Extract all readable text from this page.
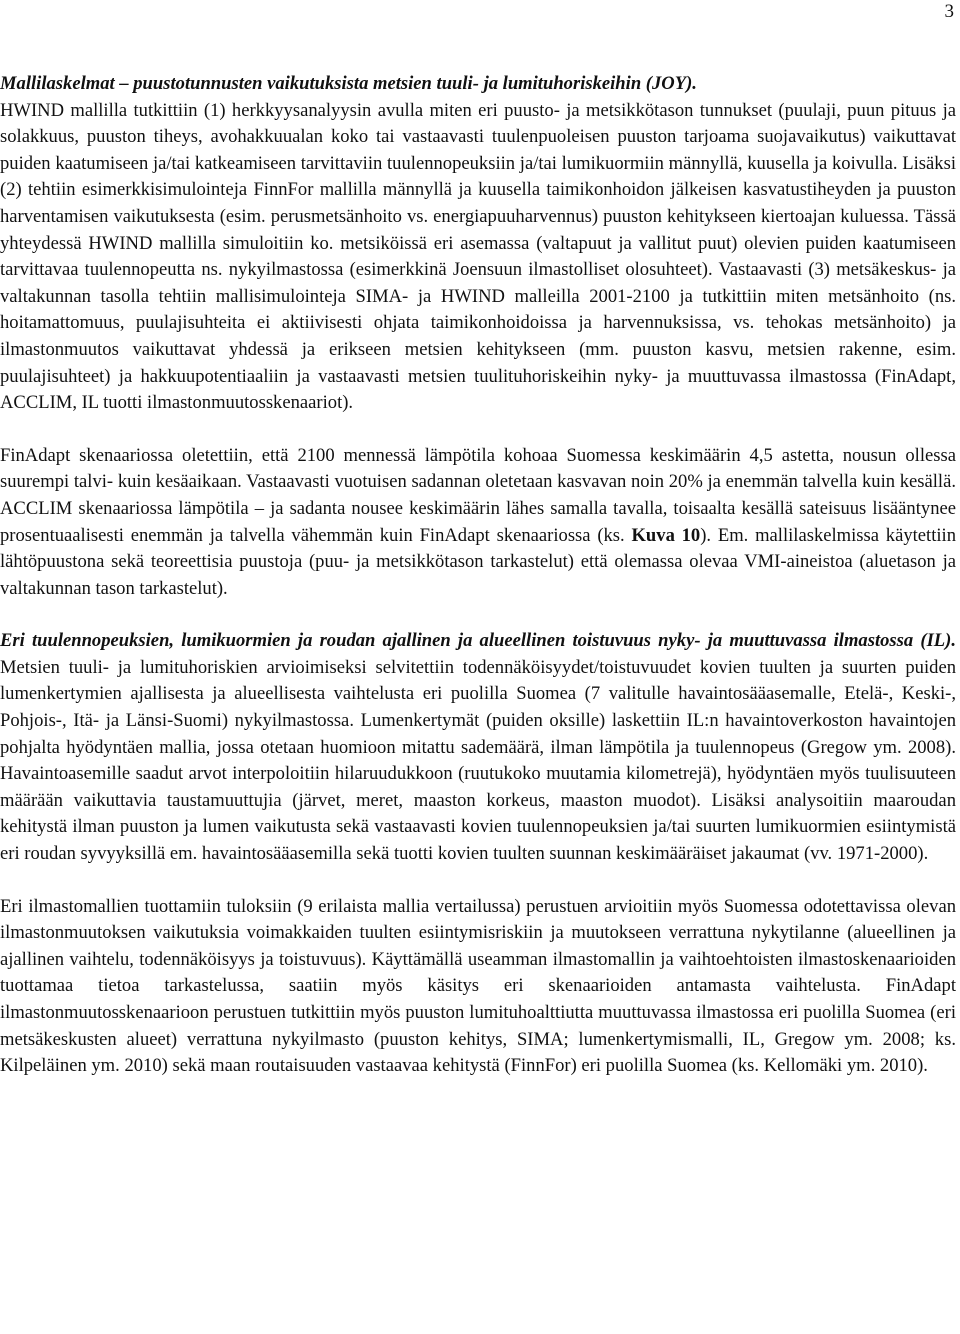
3

Mallilaskelmat – puustotunnusten vaikutuksista metsien tuuli- ja lumituhoriskeihin (JOY).
HWIND mallilla tutkittiin (1) herkkyysanalyysin avulla miten eri puusto- ja metsikkötason tunnukset (puulaji, puun pituus ja solakkuus, puuston tiheys, avohakkuualan koko tai vastaavasti tuulenpuoleisen puuston tarjoama suojavaikutus) vaikuttavat puiden kaatumiseen ja/tai katkeamiseen tarvittaviin tuulennopeuksiin ja/tai lumikuormiin männyllä, kuusella ja koivulla. Lisäksi (2) tehtiin esimerkkisimulointeja FinnFor mallilla männyllä ja kuusella taimikonhoidon jälkeisen kasvatustiheyden ja puuston harventamisen vaikutuksesta (esim. perusmetsänhoito vs. energiapuuharvennus) puuston kehitykseen kiertoajan kuluessa. Tässä yhteydessä HWIND mallilla simuloitiin ko. metsiköissä eri asemassa (valtapuut ja vallitut puut) olevien puiden kaatumiseen tarvittavaa tuulennopeutta ns. nykyilmastossa (esimerkkinä Joensuun ilmastolliset olosuhteet). Vastaavasti (3) metsäkeskus- ja valtakunnan tasolla tehtiin mallisimulointeja SIMA- ja HWIND malleilla 2001-2100 ja tutkittiin miten metsänhoito (ns. hoitamattomuus, puulajisuhteita ei aktiivisesti ohjata taimikonhoidoissa ja harvennuksissa, vs. tehokas metsänhoito) ja ilmastonmuutos vaikuttavat yhdessä ja erikseen metsien kehitykseen (mm. puuston kasvu, metsien rakenne, esim. puulajisuhteet) ja hakkuupotentiaaliin ja vastaavasti metsien tuulituhoriskeihin nyky- ja muuttuvassa ilmastossa (FinAdapt, ACCLIM, IL tuotti ilmastonmuutosskenaariot).

FinAdapt skenaariossa oletettiin, että 2100 mennessä lämpötila kohoaa Suomessa keskimäärin 4,5 astetta, nousun ollessa suurempi talvi- kuin kesäaikaan. Vastaavasti vuotuisen sadannan oletetaan kasvavan noin 20% ja enemmän talvella kuin kesällä. ACCLIM skenaariossa lämpötila – ja sadanta nousee keskimäärin lähes samalla tavalla, toisaalta kesällä sateisuus lisääntynee prosentuaalisesti enemmän ja talvella vähemmän kuin FinAdapt skenaariossa (ks. Kuva 10). Em. mallilaskelmissa käytettiin lähtöpuustona sekä teoreettisia puustoja (puu- ja metsikkötason tarkastelut) että olemassa olevaa VMI-aineistoa (aluetason ja valtakunnan tason tarkastelut).

Eri tuulennopeuksien, lumikuormien ja roudan ajallinen ja alueellinen toistuvuus nyky- ja muuttuvassa ilmastossa (IL). Metsien tuuli- ja lumituhoriskien arvioimiseksi selvitettiin todennäköisyydet/toistuvuudet kovien tuulten ja suurten puiden lumenkertymien ajallisesta ja alueellisesta vaihtelusta eri puolilla Suomea (7 valitulle havaintosääasemalle, Etelä-, Keski-, Pohjois-, Itä- ja Länsi-Suomi) nykyilmastossa. Lumenkertymät (puiden oksille) laskettiin IL:n havaintoverkoston havaintojen pohjalta hyödyntäen mallia, jossa otetaan huomioon mitattu sademäärä, ilman lämpötila ja tuulennopeus (Gregow ym. 2008). Havaintoasemille saadut arvot interpoloitiin hilaruudukkoon (ruutukoko muutamia kilometrejä), hyödyntäen myös tuulisuuteen määrään vaikuttavia taustamuuttujia (järvet, meret, maaston korkeus, maaston muodot). Lisäksi analysoitiin maaroudan kehitystä ilman puuston ja lumen vaikutusta sekä vastaavasti kovien tuulennopeuksien ja/tai suurten lumikuormien esiintymistä eri roudan syvyyksillä em. havaintosääasemilla sekä tuotti kovien tuulten suunnan keskimääräiset jakaumat (vv. 1971-2000).

Eri ilmastomallien tuottamiin tuloksiin (9 erilaista mallia vertailussa) perustuen arvioitiin myös Suomessa odotettavissa olevan ilmastonmuutoksen vaikutuksia voimakkaiden tuulten esiintymisriskiin ja muutokseen verrattuna nykytilanne (alueellinen ja ajallinen vaihtelu, todennäköisyys ja toistuvuus). Käyttämällä useamman ilmastomallin ja vaihtoehtoisten ilmastoskenaarioiden tuottamaa tietoa tarkastelussa, saatiin myös käsitys eri skenaarioiden antamasta vaihtelusta. FinAdapt ilmastonmuutosskenaarioon perustuen tutkittiin myös puuston lumituhoalttiutta muuttuvassa ilmastossa eri puolilla Suomea (eri metsäkeskusten alueet) verrattuna nykyilmasto (puuston kehitys, SIMA; lumenkertymismalli, IL, Gregow ym. 2008; ks. Kilpeläinen ym. 2010) sekä maan routaisuuden vastaavaa kehitystä (FinnFor) eri puolilla Suomea (ks. Kellomäki ym. 2010).
